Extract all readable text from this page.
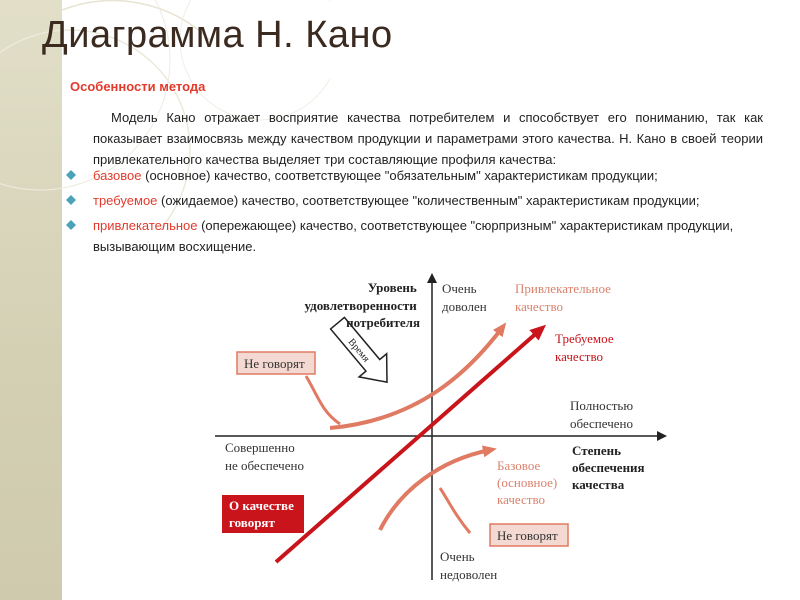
Диаграмма Н. Кано
Особенности метода
Модель Кано отражает восприятие качества потребителем и способствует его пониманию, так как показывает взаимосвязь между качеством продукции и параметрами этого качества. Н. Кано в своей теории привлекательного качества выделяет три составляющие профиля качества:
базовое (основное) качество, соответствующее "обязательным" характеристикам продукции;
требуемое (ожидаемое) качество, соответствующее "количественным" характеристикам продукции;
привлекательное (опережающее) качество, соответствующее "сюрпризным" характеристикам продукции, вызывающим восхищение.
Время
Уровень удовлетворенности потребителя
Очень доволен
Привлекательное качество
Требуемое качество
Полностью обеспечено
Совершенно не обеспечено
Степень обеспечения качества
Базовое (основное) качество
Очень недоволен
Не говорят
Не говорят
О качестве говорят
